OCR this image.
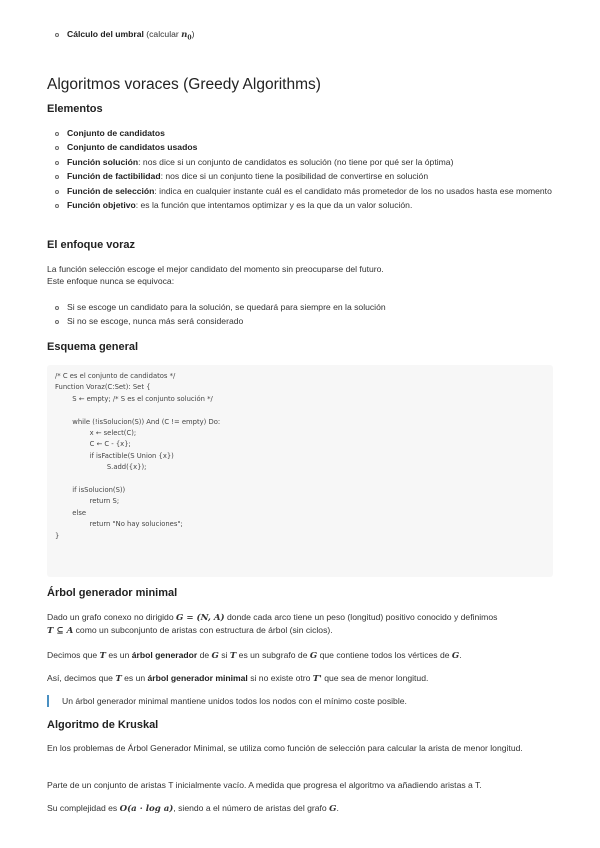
Cálculo del umbral (calcular $n_0$)
Algoritmos voraces (Greedy Algorithms)
Elementos
Conjunto de candidatos
Conjunto de candidatos usados
Función solución: nos dice si un conjunto de candidatos es solución (no tiene por qué ser la óptima)
Función de factibilidad: nos dice si un conjunto tiene la posibilidad de convertirse en solución
Función de selección: indica en cualquier instante cuál es el candidato más prometedor de los no usados hasta ese momento
Función objetivo: es la función que intentamos optimizar y es la que da un valor solución.
El enfoque voraz

La función selección escoge el mejor candidato del momento sin preocuparse del futuro.

Este enfoque nunca se equivoca:

Si se escoge un candidato para la solución, se quedará para siempre en la solución
Si no se escoge, nunca más será considerado
Esquema general
/* C es el conjunto de candidatos */
Function Voraz(C:Set): Set {
S ← empty; /* S es el conjunto solución */

while (!isSolucion(S)) And (C != empty) Do:
x ← select(C);
C ← C - {x};
if isFactible(S Union {x})
S.add({x});

if isSolucion(S))
return S;
else
return "No hay soluciones";
}
Árbol generador minimal

Dado un grafo conexo no dirigido G = (N, A) donde cada arco tiene un peso (longitud) positivo conocido y definimos

T ⊆ A como un subconjunto de aristas con estructura de árbol (sin ciclos).

Decimos que T es un árbol generador de G si T es un subgrafo de G que contiene todos los vértices de G.

Así, decimos que T es un árbol generador minimal si no existe otro T' que sea de menor longitud.

Un árbol generador minimal mantiene unidos todos los nodos con el mínimo coste posible.

Algoritmo de Kruskal

En los problemas de Árbol Generador Minimal, se utiliza como función de selección para calcular la arista de menor longitud.

Parte de un conjunto de aristas T inicialmente vacío. A medida que progresa el algoritmo va añadiendo aristas a T.

Su complejidad es O(a · log a), siendo a el número de aristas del grafo G.
